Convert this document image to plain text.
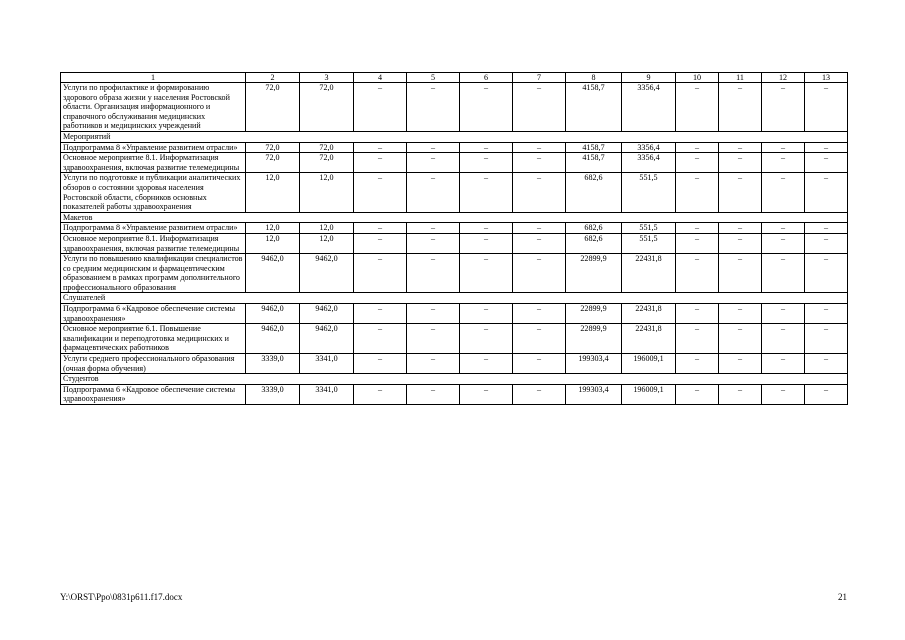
1	2	3	4	5	6	7	8	9	10	11	12	13
Услуги по профилактике и формированию здорового образа жизни у населения Ростовской области. Организация информационного и справочного обслуживания медицинских работников и медицинских учреждений	72,0	72,0	–	–	–	–	4158,7	3356,4	–	–	–	–
Мероприятий												
Подпрограмма 8 «Управление развитием отрасли»	72,0	72,0	–	–	–	–	4158,7	3356,4	–	–	–	–
Основное мероприятие 8.1. Информатизация здравоохранения, включая развитие телемедицины	72,0	72,0	–	–	–	–	4158,7	3356,4	–	–	–	–
Услуги по подготовке и публикации аналитических обзоров о состоянии здоровья населения Ростовской области, сборников основных показателей работы здравоохранения	12,0	12,0	–	–	–	–	682,6	551,5	–	–	–	–
Макетов												
Подпрограмма 8 «Управление развитием отрасли»	12,0	12,0	–	–	–	–	682,6	551,5	–	–	–	–
Основное мероприятие 8.1. Информатизация здравоохранения, включая развитие телемедицины	12,0	12,0	–	–	–	–	682,6	551,5	–	–	–	–
Услуги по повышению квалификации специалистов со средним медицинским и фармацевтическим образованием в рамках программ дополнительного профессионального образования	9462,0	9462,0	–	–	–	–	22899,9	22431,8	–	–	–	–
Слушателей												
Подпрограмма 6 «Кадровое обеспечение системы здравоохранения»	9462,0	9462,0	–	–	–	–	22899,9	22431,8	–	–	–	–
Основное мероприятие 6.1. Повышение квалификации и переподготовка медицинских и фармацевтических работников	9462,0	9462,0	–	–	–	–	22899,9	22431,8	–	–	–	–
Услуги среднего профессионального образования (очная форма обучения)	3339,0	3341,0	–	–	–	–	199303,4	196009,1	–	–	–	–
Студентов												
Подпрограмма 6 «Кадровое обеспечение системы здравоохранения»	3339,0	3341,0	–	–	–	–	199303,4	196009,1	–	–	–	–
Y:\ORST\Ppo\0831p611.f17.docx	21
